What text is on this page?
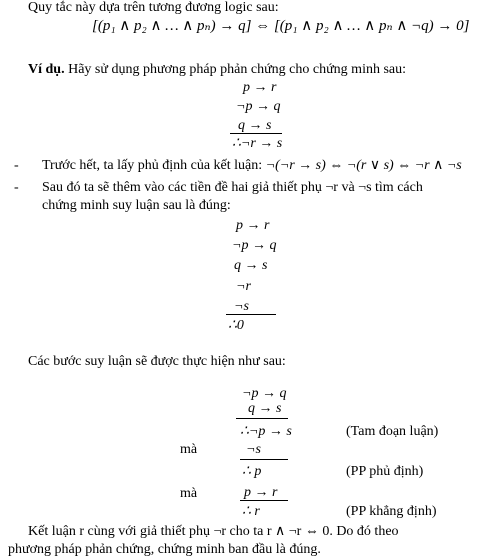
Quy tắc này dựa trên tương đương logic sau:
[(p₁ ∧ p₂ ∧ … ∧ pₙ) → q] ⇔ [(p₁ ∧ p₂ ∧ … ∧ pₙ ∧ ¬q) → 0]
Ví dụ. Hãy sử dụng phương pháp phản chứng cho chứng minh sau:
p → r
¬p → q
q → s
∴¬r → s
- Trước hết, ta lấy phủ định của kết luận: ¬(¬r → s) ⇔ ¬(r ∨ s) ⇔ ¬r ∧ ¬s
- Sau đó ta sẽ thêm vào các tiền đề hai giả thiết phụ ¬r và ¬s tìm cách
chứng minh suy luận sau là đúng:
p → r
¬p → q
q → s
¬r
¬s
∴0
Các bước suy luận sẽ được thực hiện như sau:
¬p → q
q → s
∴¬p → s	(Tam đoạn luận)
mà	¬s
∴ p	(PP phủ định)
mà	p → r
∴ r	(PP khẳng định)
Kết luận r cùng với giả thiết phụ ¬r cho ta r ∧ ¬r ⇔ 0. Do đó theo
phương pháp phản chứng, chứng minh ban đầu là đúng.
